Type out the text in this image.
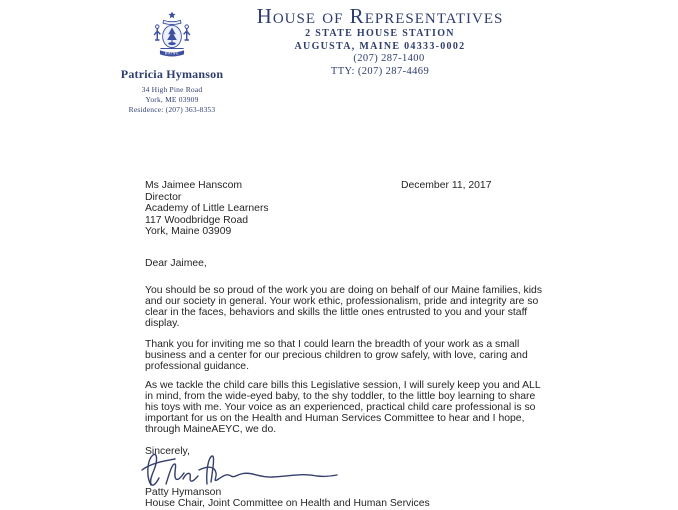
MAINE
Patricia Hymanson
34 High Pine Road
York, ME 03909
Residence: (207) 363-8353
House of Representatives
2 STATE HOUSE STATION
AUGUSTA, MAINE 04333-0002
(207) 287-1400
TTY: (207) 287-4469
December 11, 2017
Ms Jaimee Hanscom
Director
Academy of Little Learners
117 Woodbridge Road
York, Maine 03909
Dear Jaimee,
You should be so proud of the work you are doing on behalf of our Maine families, kids
and our society in general. Your work ethic, professionalism, pride and integrity are so
clear in the faces, behaviors and skills the little ones entrusted to you and your staff
display.
Thank you for inviting me so that I could learn the breadth of your work as a small
business and a center for our precious children to grow safely, with love, caring and
professional guidance.
As we tackle the child care bills this Legislative session, I will surely keep you and ALL
in mind, from the wide-eyed baby, to the shy toddler, to the little boy learning to share
his toys with me. Your voice as an experienced, practical child care professional is so
important for us on the Health and Human Services Committee to hear and I hope,
through MaineAEYC, we do.
Sincerely,
Patty Hymanson
House Chair, Joint Committee on Health and Human Services
